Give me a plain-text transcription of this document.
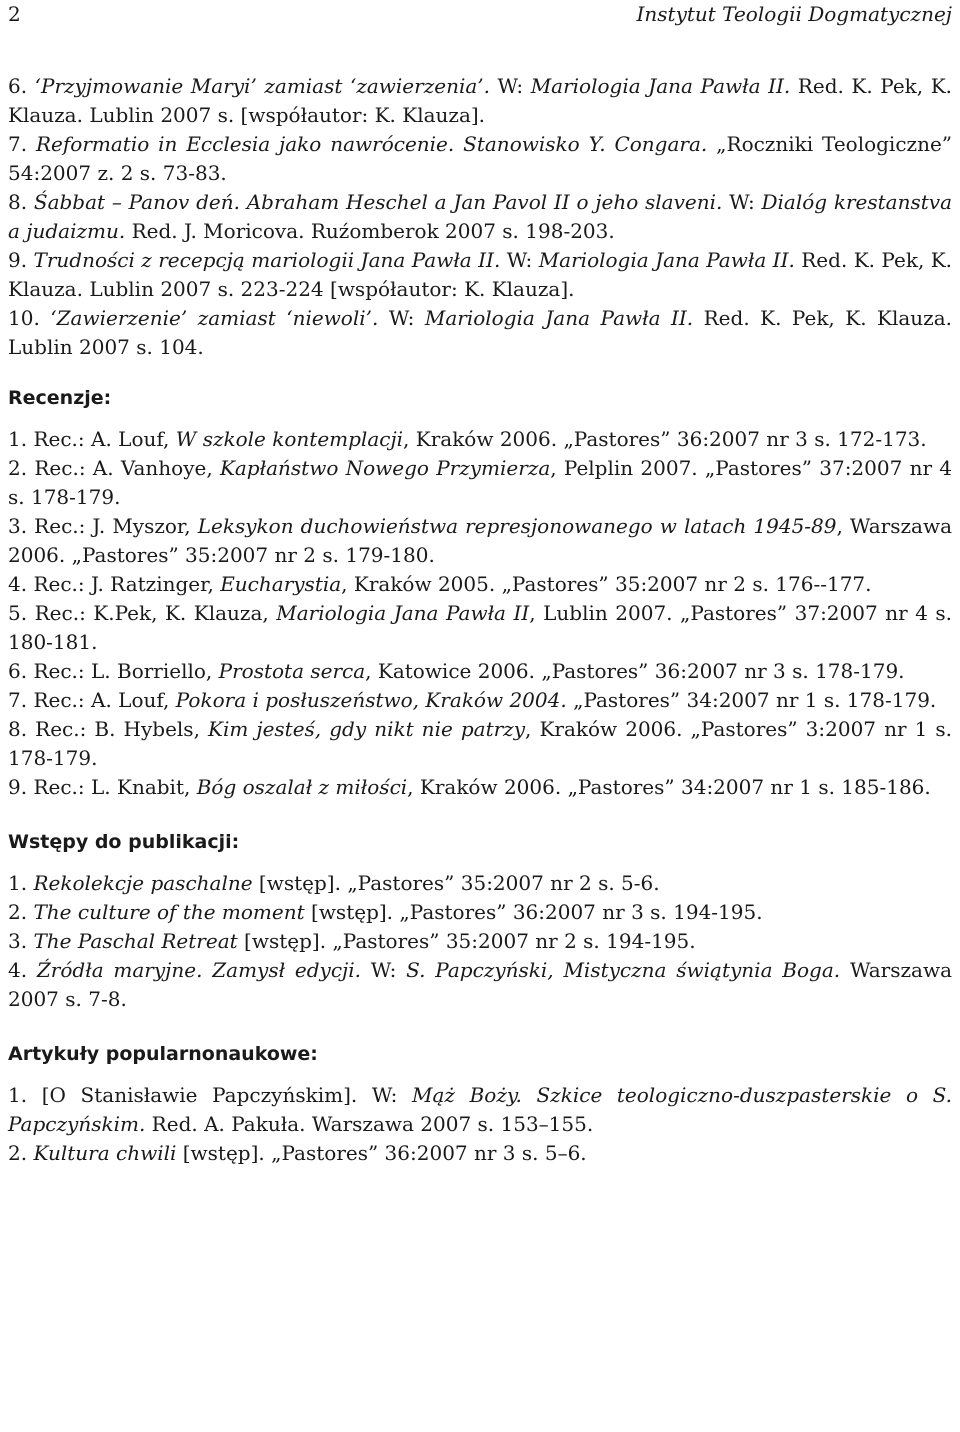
2	Instytut Teologii Dogmatycznej
6. ‘Przyjmowanie Maryi’ zamiast ‘zawierzenia’. W: Mariologia Jana Pawła II. Red. K. Pek, K. Klauza. Lublin 2007 s. [współautor: K. Klauza].
7. Reformatio in Ecclesia jako nawrócenie. Stanowisko Y. Congara. „Roczniki Teologiczne” 54:2007 z. 2 s. 73-83.
8. Śabbat – Panov deń. Abraham Heschel a Jan Pavol II o jeho slaveni. W: Dialóg krestanstva a judaizmu. Red. J. Moricova. Ruźomberok 2007 s. 198-203.
9. Trudności z recepcją mariologii Jana Pawła II. W: Mariologia Jana Pawła II. Red. K. Pek, K. Klauza. Lublin 2007 s. 223-224 [współautor: K. Klauza].
10. ‘Zawierzenie’ zamiast ‘niewoli’. W: Mariologia Jana Pawła II. Red. K. Pek, K. Klauza. Lublin 2007 s. 104.
Recenzje:
1. Rec.: A. Louf, W szkole kontemplacji, Kraków 2006. „Pastores” 36:2007 nr 3 s. 172-173.
2. Rec.: A. Vanhoye, Kapłaństwo Nowego Przymierza, Pelplin 2007. „Pastores” 37:2007 nr 4 s. 178-179.
3. Rec.: J. Myszor, Leksykon duchowieństwa represjonowanego w latach 1945-89, Warszawa 2006. „Pastores” 35:2007 nr 2 s. 179-180.
4. Rec.: J. Ratzinger, Eucharystia, Kraków 2005. „Pastores” 35:2007 nr 2 s. 176--177.
5. Rec.: K.Pek, K. Klauza, Mariologia Jana Pawła II, Lublin 2007. „Pastores” 37:2007 nr 4 s. 180-181.
6. Rec.: L. Borriello, Prostota serca, Katowice 2006. „Pastores” 36:2007 nr 3 s. 178-179.
7. Rec.: A. Louf, Pokora i posłuszeństwo, Kraków 2004. „Pastores” 34:2007 nr 1 s. 178-179.
8. Rec.: B. Hybels, Kim jesteś, gdy nikt nie patrzy, Kraków 2006. „Pastores” 3:2007 nr 1 s. 178-179.
9. Rec.: L. Knabit, Bóg oszalał z miłości, Kraków 2006. „Pastores” 34:2007 nr 1 s. 185-186.
Wstępy do publikacji:
1. Rekolekcje paschalne [wstęp]. „Pastores” 35:2007 nr 2 s. 5-6.
2. The culture of the moment [wstęp]. „Pastores” 36:2007 nr 3 s. 194-195.
3. The Paschal Retreat [wstęp]. „Pastores” 35:2007 nr 2 s. 194-195.
4. Źródła maryjne. Zamysł edycji. W: S. Papczyński, Mistyczna świątynia Boga. Warszawa 2007 s. 7-8.
Artykuły popularnonaukowe:
1. [O Stanisławie Papczyńskim]. W: Mąż Boży. Szkice teologiczno-duszpasterskie o S. Papczyńskim. Red. A. Pakuła. Warszawa 2007 s. 153–155.
2. Kultura chwili [wstęp]. „Pastores” 36:2007 nr 3 s. 5–6.
